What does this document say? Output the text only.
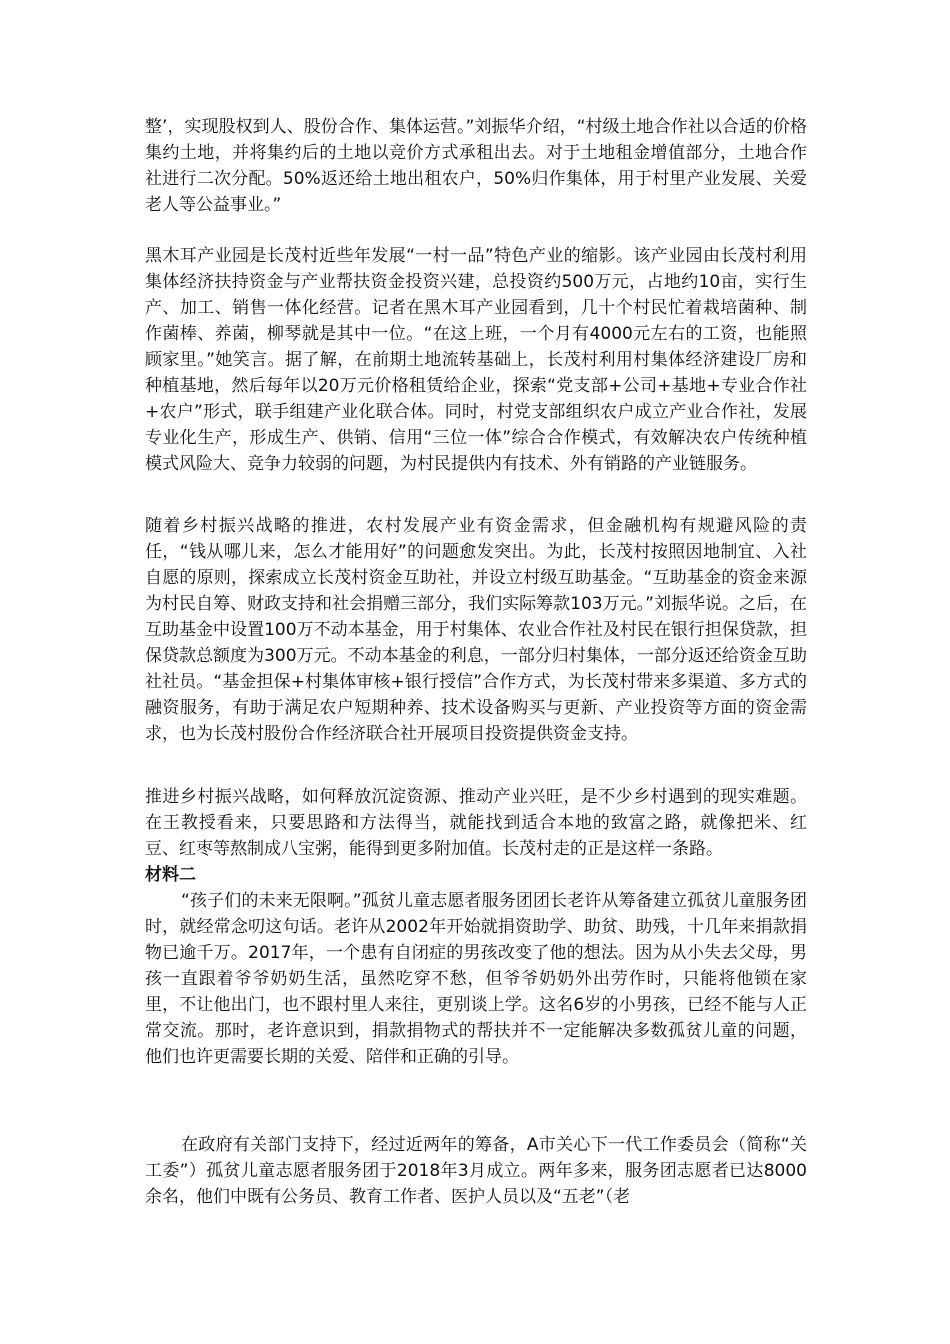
整’，实现股权到人、股份合作、集体运营。”刘振华介绍，“村级土地合作社以合适的价格集约土地，并将集约后的土地以竞价方式承租出去。对于土地租金增值部分，土地合作社进行二次分配。50%返还给土地出租农户，50%归作集体，用于村里产业发展、关爱老人等公益事业。”

黑木耳产业园是长茂村近些年发展“一村一品”特色产业的缩影。该产业园由长茂村利用集体经济扶持资金与产业帮扶资金投资兴建，总投资约500万元，占地约10亩，实行生产、加工、销售一体化经营。记者在黑木耳产业园看到，几十个村民忙着栽培菌种、制作菌棒、养菌，柳琴就是其中一位。“在这上班，一个月有4000元左右的工资，也能照顾家里。”她笑言。据了解，在前期土地流转基础上，长茂村利用村集体经济建设厂房和种植基地，然后每年以20万元价格租赁给企业，探索“党支部+公司+基地+专业合作社+农户”形式，联手组建产业化联合体。同时，村党支部组织农户成立产业合作社，发展专业化生产，形成生产、供销、信用“三位一体”综合合作模式，有效解决农户传统种植模式风险大、竞争力较弱的问题，为村民提供内有技术、外有销路的产业链服务。

随着乡村振兴战略的推进，农村发展产业有资金需求，但金融机构有规避风险的责任，“钱从哪儿来，怎么才能用好”的问题愈发突出。为此，长茂村按照因地制宜、入社自愿的原则，探索成立长茂村资金互助社，并设立村级互助基金。“互助基金的资金来源为村民自筹、财政支持和社会捐赠三部分，我们实际筹款103万元。”刘振华说。之后，在互助基金中设置100万不动本基金，用于村集体、农业合作社及村民在银行担保贷款，担保贷款总额度为300万元。不动本基金的利息，一部分归村集体，一部分返还给资金互助社社员。“基金担保+村集体审核+银行授信”合作方式，为长茂村带来多渠道、多方式的融资服务，有助于满足农户短期种养、技术设备购买与更新、产业投资等方面的资金需求，也为长茂村股份合作经济联合社开展项目投资提供资金支持。

推进乡村振兴战略，如何释放沉淀资源、推动产业兴旺，是不少乡村遇到的现实难题。在王教授看来，只要思路和方法得当，就能找到适合本地的致富之路，就像把米、红豆、红枣等熬制成八宝粥，能得到更多附加值。长茂村走的正是这样一条路。

材料二

“孩子们的未来无限啊。”孤贫儿童志愿者服务团团长老许从筹备建立孤贫儿童服务团时，就经常念叨这句话。老许从2002年开始就捐资助学、助贫、助残，十几年来捐款捐物已逾千万。2017年，一个患有自闭症的男孩改变了他的想法。因为从小失去父母，男孩一直跟着爷爷奶奶生活，虽然吃穿不愁，但爷爷奶奶外出劳作时，只能将他锁在家里，不让他出门，也不跟村里人来往，更别谈上学。这名6岁的小男孩，已经不能与人正常交流。那时，老许意识到，捐款捐物式的帮扶并不一定能解决多数孤贫儿童的问题，他们也许更需要长期的关爱、陪伴和正确的引导。

在政府有关部门支持下，经过近两年的筹备，A市关心下一代工作委员会（简称“关工委”）孤贫儿童志愿者服务团于2018年3月成立。两年多来，服务团志愿者已达8000余名，他们中既有公务员、教育工作者、医护人员以及“五老”（老
